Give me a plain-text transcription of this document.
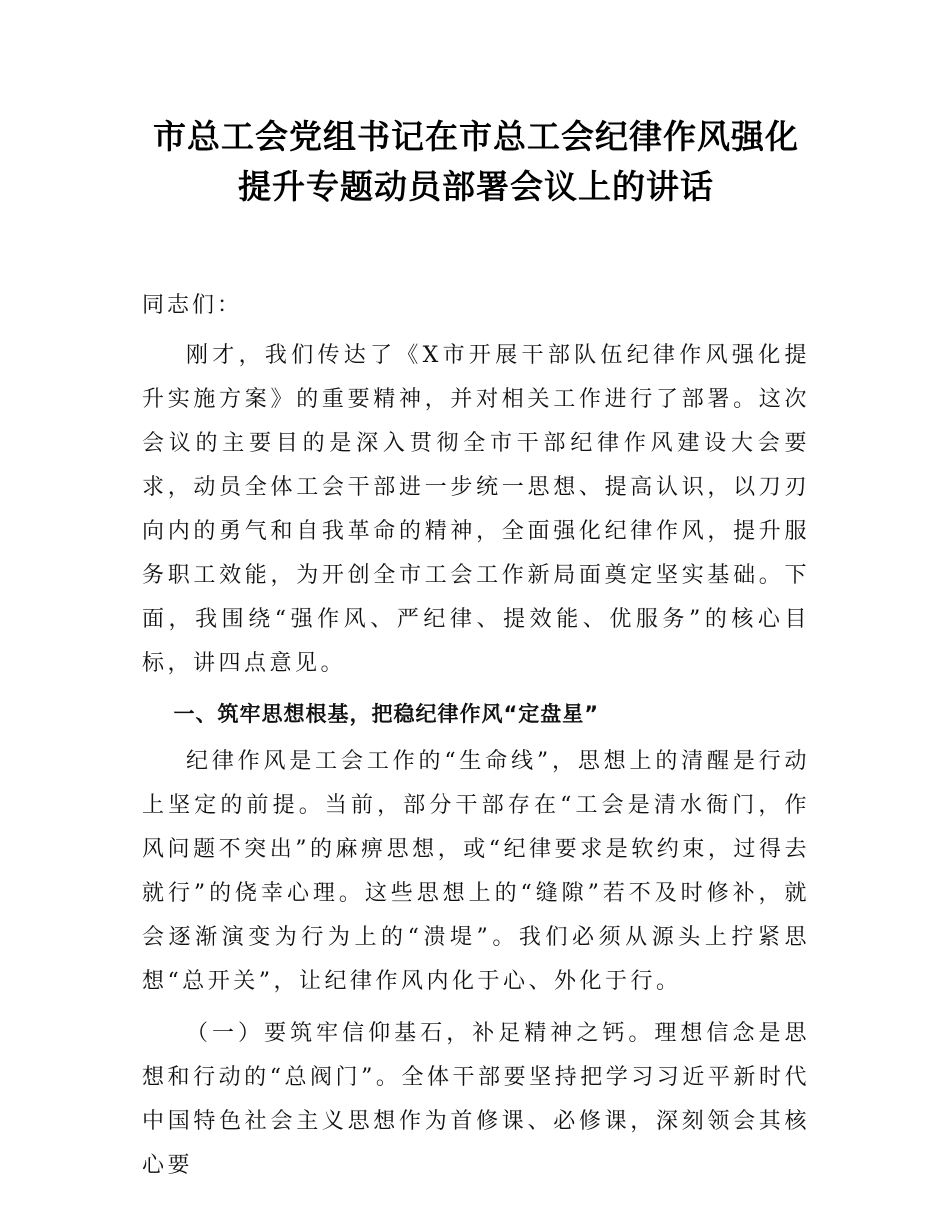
市总工会党组书记在市总工会纪律作风强化
提升专题动员部署会议上的讲话
同志们：

刚才，我们传达了《X市开展干部队伍纪律作风强化提升实施方案》的重要精神，并对相关工作进行了部署。这次会议的主要目的是深入贯彻全市干部纪律作风建设大会要求，动员全体工会干部进一步统一思想、提高认识，以刀刃向内的勇气和自我革命的精神，全面强化纪律作风，提升服务职工效能，为开创全市工会工作新局面奠定坚实基础。下面，我围绕“强作风、严纪律、提效能、优服务”的核心目标，讲四点意见。

一、筑牢思想根基，把稳纪律作风“定盘星”

纪律作风是工会工作的“生命线”，思想上的清醒是行动上坚定的前提。当前，部分干部存在“工会是清水衙门，作风问题不突出”的麻痹思想，或“纪律要求是软约束，过得去就行”的侥幸心理。这些思想上的“缝隙”若不及时修补，就会逐渐演变为行为上的“溃堤”。我们必须从源头上拧紧思想“总开关”，让纪律作风内化于心、外化于行。

（一）要筑牢信仰基石，补足精神之钙。理想信念是思想和行动的“总阀门”。全体干部要坚持把学习习近平新时代中国特色社会主义思想作为首修课、必修课，深刻领会其核心要
